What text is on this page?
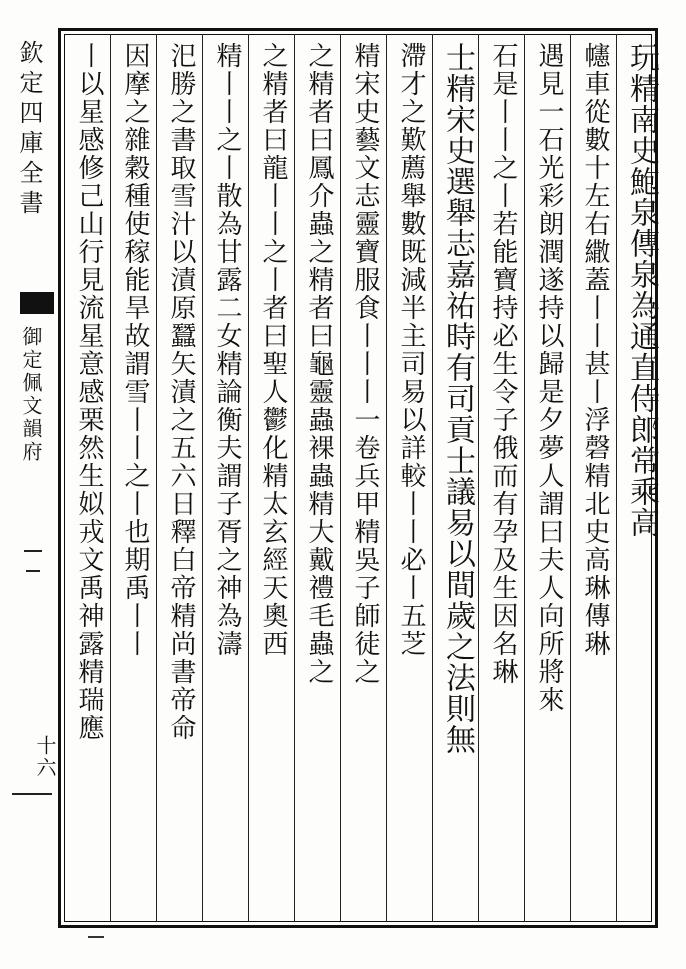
欽定四庫全書
御定佩文韻府
十六
玩精南史鮑泉傳泉為通直侍郎常乘高
幰車從數十左右繖蓋丨丨甚丨浮磬精北史高琳傳琳
遇見一石光彩朗潤遂持以歸是夕夢人謂曰夫人向所將來
石是丨丨之丨若能寶持必生令子俄而有孕及生因名琳
士精宋史選舉志嘉祐時有司貢士議易以間歲之法則無
滯才之歎薦舉數既減半主司易以詳較丨丨必丨五芝
精宋史藝文志靈寶服食丨丨丨一卷兵甲精吳子師徒之
之精者曰鳳介蟲之精者曰龜靈蟲裸蟲精大戴禮毛蟲之
之精者曰龍丨丨之丨者曰聖人鬱化精太玄經天奧西
精丨丨之丨散為甘露二女精論衡夫謂子胥之神為濤
汜勝之書取雪汁以漬原蠶矢漬之五六日釋白帝精尚書帝命
因摩之雜穀種使稼能旱故謂雪丨丨之丨也期禹丨丨
丨以星感修己山行見流星意感栗然生姒戎文禹神露精瑞應
